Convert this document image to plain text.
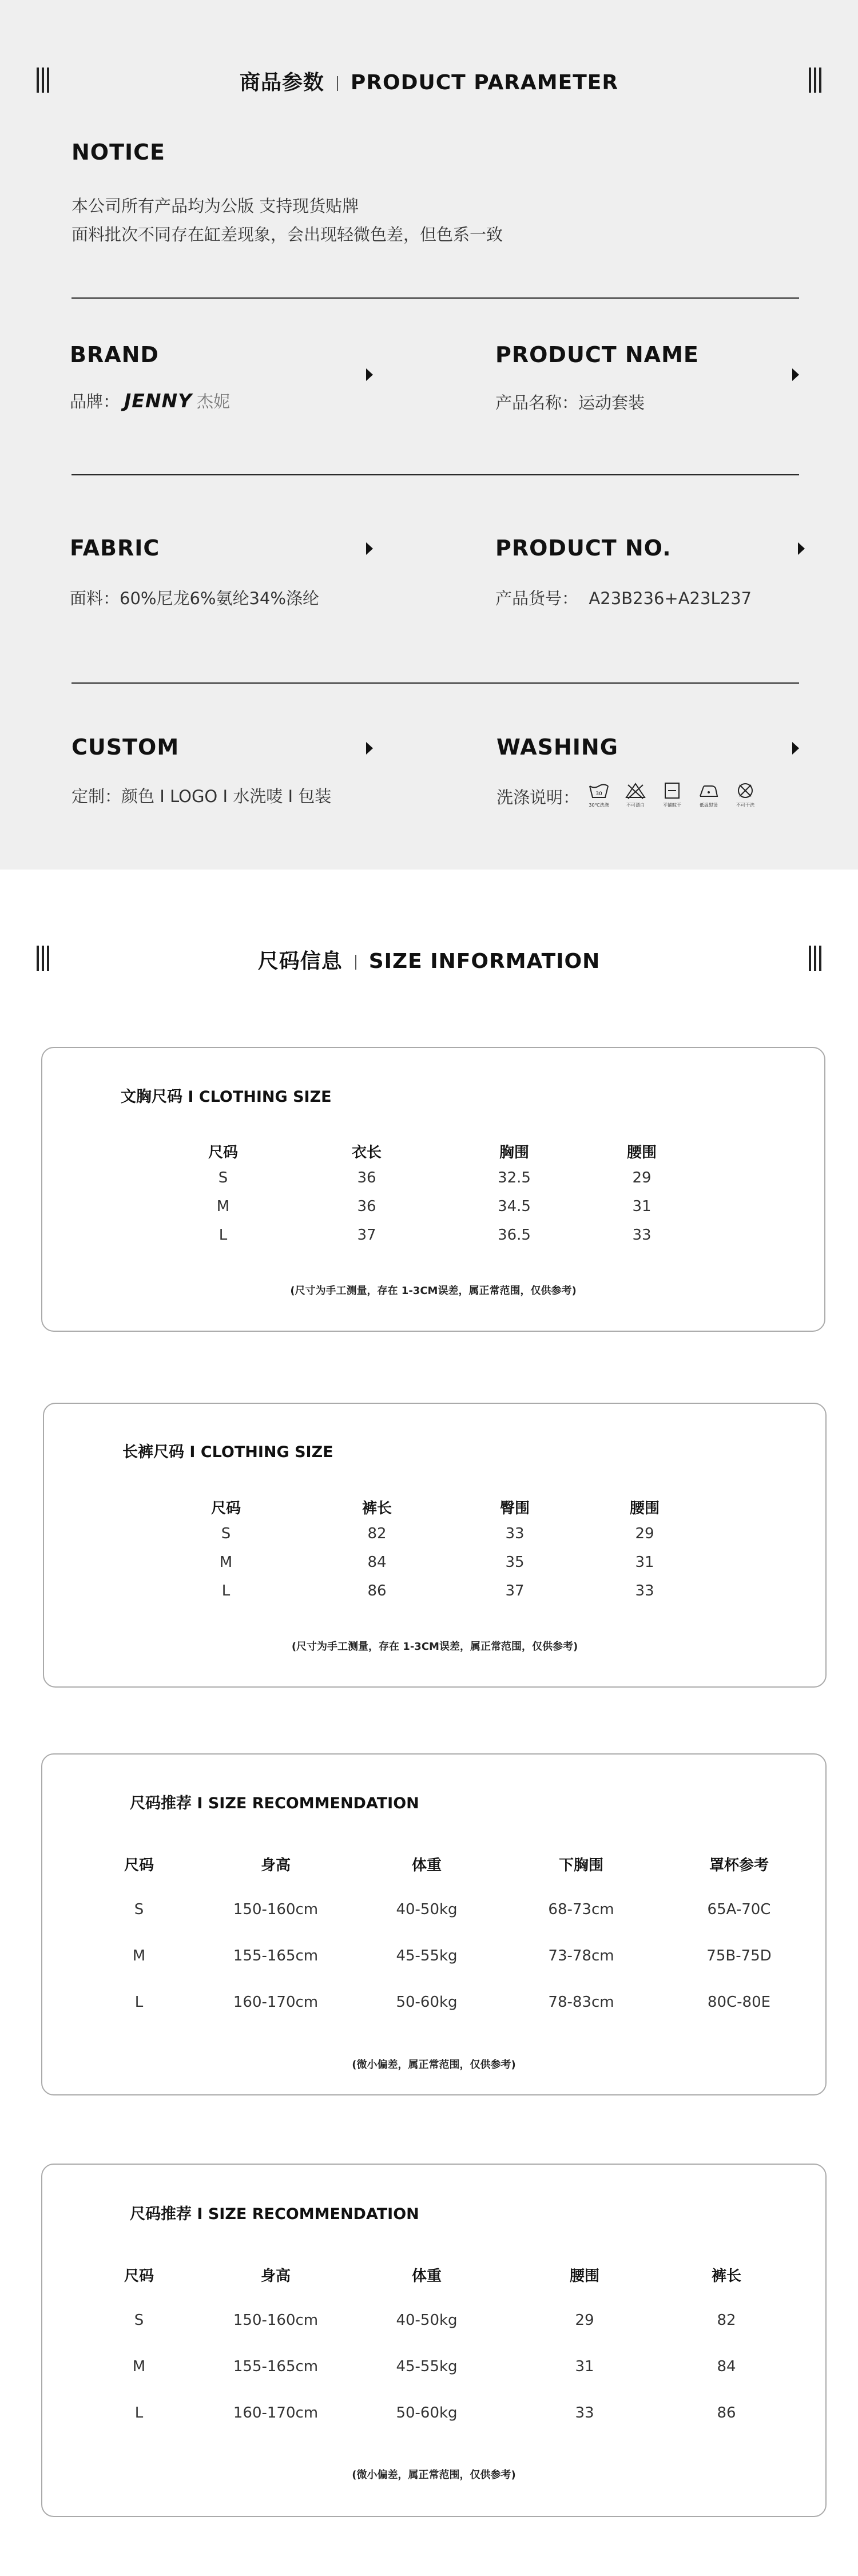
商品参数 PRODUCT PARAMETER
NOTICE
本公司所有产品均为公版 支持现货贴牌
面料批次不同存在缸差现象，会出现轻微色差，但色系一致
BRAND
品牌： JENNY 杰妮
PRODUCT NAME
产品名称：运动套装
FABRIC
面料：60%尼龙6%氨纶34%涤纶
PRODUCT NO.
产品货号：  A23B236+A23L237
CUSTOM
定制：颜色 I LOGO I 水洗唛 I 包装
WASHING
洗涤说明：	30
30℃洗涤	不可漂白	平铺晾干	低温熨烫	不可干洗
尺码信息 SIZE INFORMATION
文胸尺码 I CLOTHING SIZE
尺码	衣长	胸围	腰围
S	36	32.5	29
M	36	34.5	31
L	37	36.5	33
(尺寸为手工测量，存在 1-3CM误差，属正常范围，仅供参考)
长裤尺码 I CLOTHING SIZE
尺码	裤长	臀围	腰围
S	82	33	29
M	84	35	31
L	86	37	33
(尺寸为手工测量，存在 1-3CM误差，属正常范围，仅供参考)
尺码推荐 I SIZE RECOMMENDATION
尺码	身高	体重	下胸围	罩杯参考
S	150-160cm	40-50kg	68-73cm	65A-70C
M	155-165cm	45-55kg	73-78cm	75B-75D
L	160-170cm	50-60kg	78-83cm	80C-80E
(微小偏差，属正常范围，仅供参考)
尺码推荐 I SIZE RECOMMENDATION
尺码	身高	体重	腰围	裤长
S	150-160cm	40-50kg	29	82
M	155-165cm	45-55kg	31	84
L	160-170cm	50-60kg	33	86
(微小偏差，属正常范围，仅供参考)
